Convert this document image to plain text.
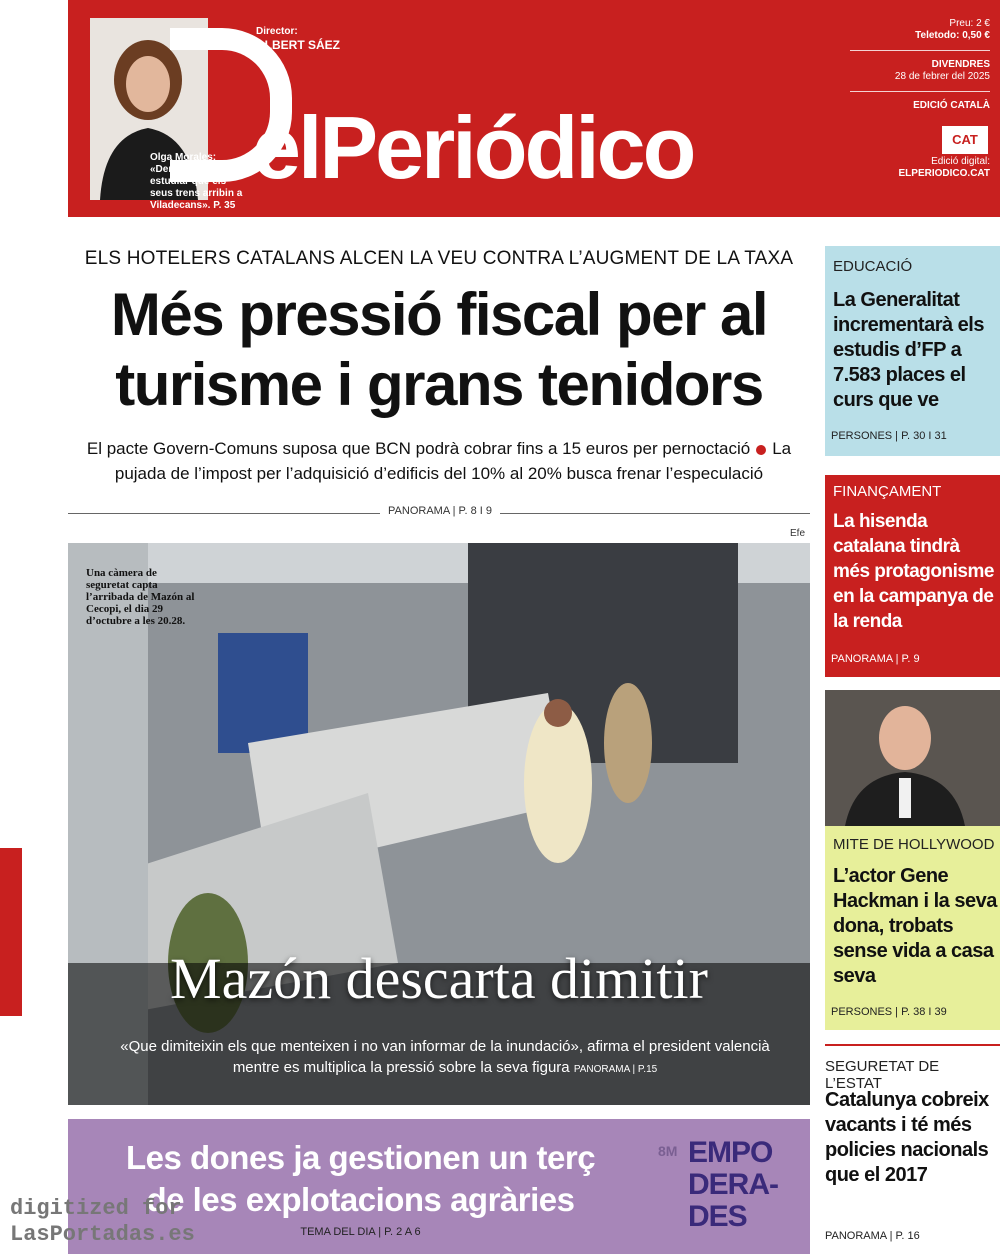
Olga Morales: «Demanarem a FGC estudiar que els seus trens arribin a Viladecans». P. 35
Director:
ALBERT SÁEZ
elPeriódico
Preu: 2 €
Teletodo: 0,50 €
DIVENDRES
28 de febrer del 2025
EDICIÓ CATALÀ
Edició digital:
ELPERIODICO.CAT
CAT
ELS HOTELERS CATALANS ALCEN LA VEU CONTRA L’AUGMENT DE LA TAXA
Més pressió fiscal per al
turisme i grans tenidors
El pacte Govern-Comuns suposa que BCN podrà cobrar fins a 15 euros per pernoctació La pujada de l’impost per l’adquisició d’edificis del 10% al 20% busca frenar l’especulació
PANORAMA | P. 8 I 9
Efe
Una càmera de seguretat capta l’arribada de Mazón al Cecopi, el dia 29 d’octubre a les 20.28.
Mazón descarta dimitir
«Que dimiteixin els que menteixen i no van informar de la inundació», afirma el president valencià mentre es multiplica la pressió sobre la seva figura PANORAMA | P.15
Les dones ja gestionen un terç
de les explotacions agràries
TEMA DEL DIA | P. 2 A 6
8M EMPO
DERA-
DES
EDUCACIÓ
La Generalitat incrementarà els estudis d’FP a 7.583 places el curs que ve
PERSONES | P. 30 I 31
FINANÇAMENT
La hisenda catalana tindrà més protagonisme en la campanya de la renda
PANORAMA | P. 9
MITE DE HOLLYWOOD
L’actor Gene Hackman i la seva dona, trobats sense vida a casa seva
PERSONES | P. 38 I 39
SEGURETAT DE L’ESTAT
Catalunya cobreix vacants i té més policies nacionals que el 2017
PANORAMA | P. 16
digitized for
LasPortadas.es
